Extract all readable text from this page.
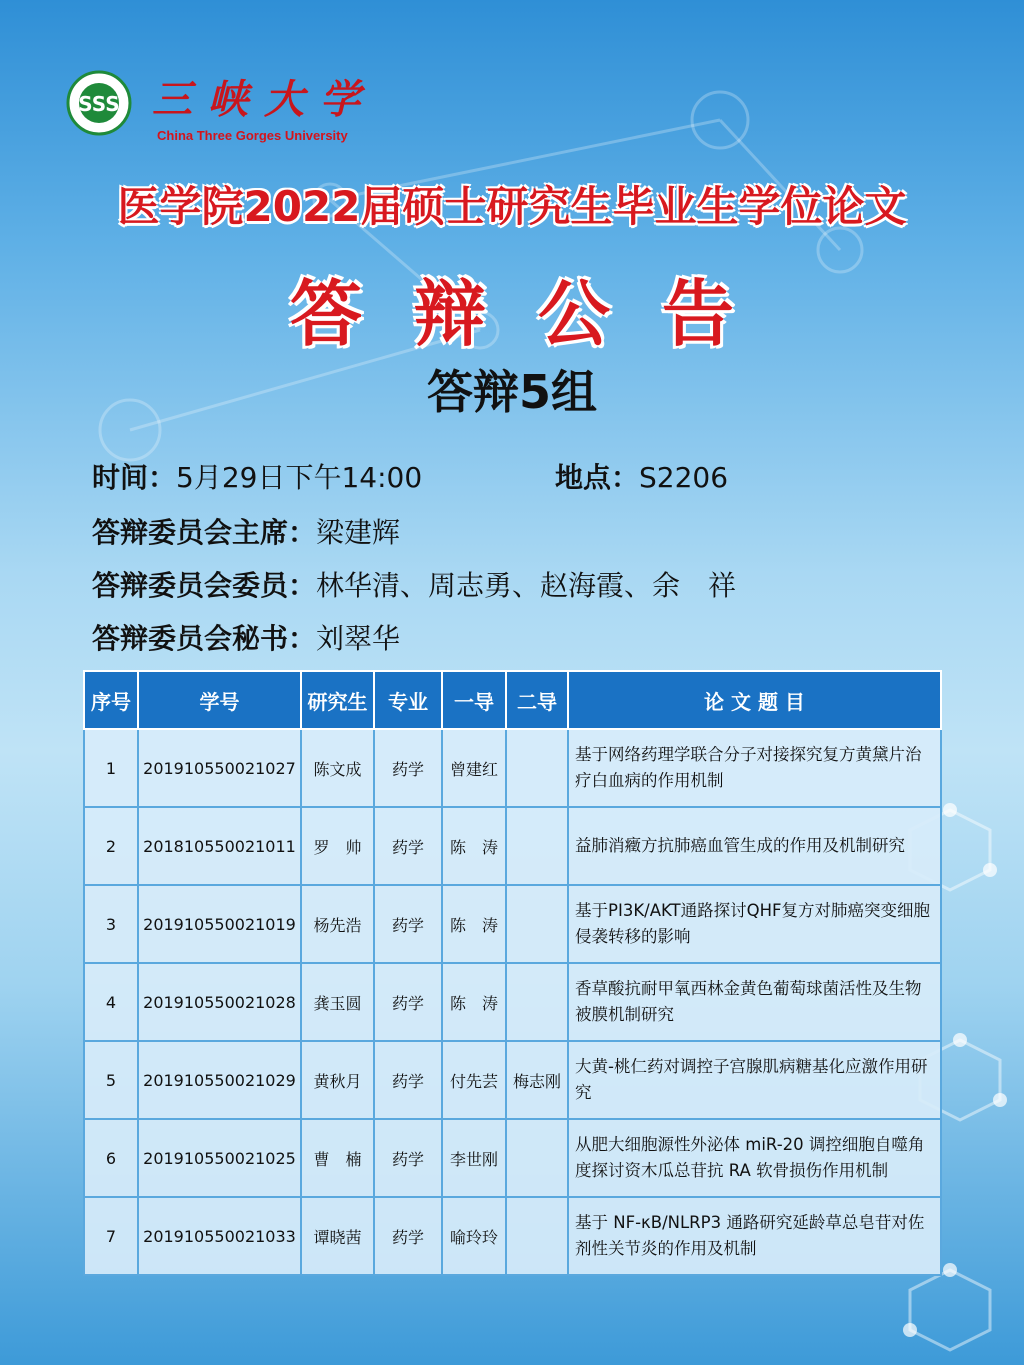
SSS 三峡大学
China Three Gorges University
医学院2022届硕士研究生毕业生学位论文
答辩公告
答辩5组
时间：5月29日下午14:00	地点：S2206
答辩委员会主席：梁建辉
答辩委员会委员：林华清、周志勇、赵海霞、余　祥
答辩委员会秘书：刘翠华
序号	学号	研究生	专业	一导	二导	论 文 题 目
1	201910550021027	陈文成	药学	曾建红		基于网络药理学联合分子对接探究复方黄黛片治疗白血病的作用机制
2	201810550021011	罗　帅	药学	陈　涛		益肺消癥方抗肺癌血管生成的作用及机制研究
3	201910550021019	杨先浩	药学	陈　涛		基于PI3K/AKT通路探讨QHF复方对肺癌突变细胞侵袭转移的影响
4	201910550021028	龚玉圆	药学	陈　涛		香草酸抗耐甲氧西林金黄色葡萄球菌活性及生物被膜机制研究
5	201910550021029	黄秋月	药学	付先芸	梅志刚	大黄-桃仁药对调控子宫腺肌病糖基化应激作用研究
6	201910550021025	曹　楠	药学	李世刚		从肥大细胞源性外泌体 miR-20 调控细胞自噬角度探讨资木瓜总苷抗 RA 软骨损伤作用机制
7	201910550021033	谭晓茜	药学	喻玲玲		基于 NF-κB/NLRP3 通路研究延龄草总皂苷对佐剂性关节炎的作用及机制
